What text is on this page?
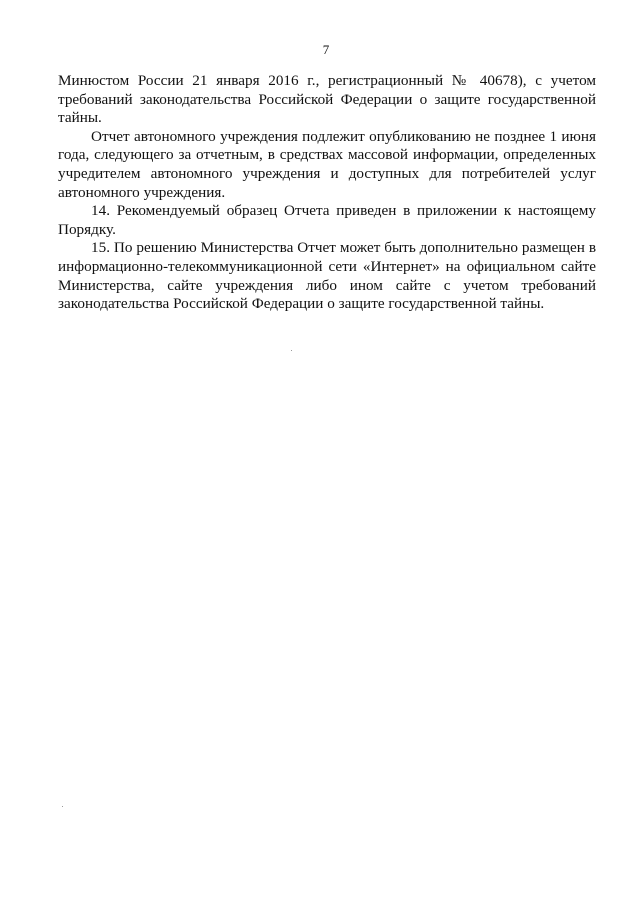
7

Минюстом России 21 января 2016 г., регистрационный № 40678), с учетом требований законодательства Российской Федерации о защите государственной тайны.

Отчет автономного учреждения подлежит опубликованию не позднее 1 июня года, следующего за отчетным, в средствах массовой информации, определенных учредителем автономного учреждения и доступных для потребителей услуг автономного учреждения.

14. Рекомендуемый образец Отчета приведен в приложении к настоящему Порядку.

15. По решению Министерства Отчет может быть дополнительно размещен в информационно-телекоммуникационной сети «Интернет» на официальном сайте Министерства, сайте учреждения либо ином сайте с учетом требований законодательства Российской Федерации о защите государственной тайны.
